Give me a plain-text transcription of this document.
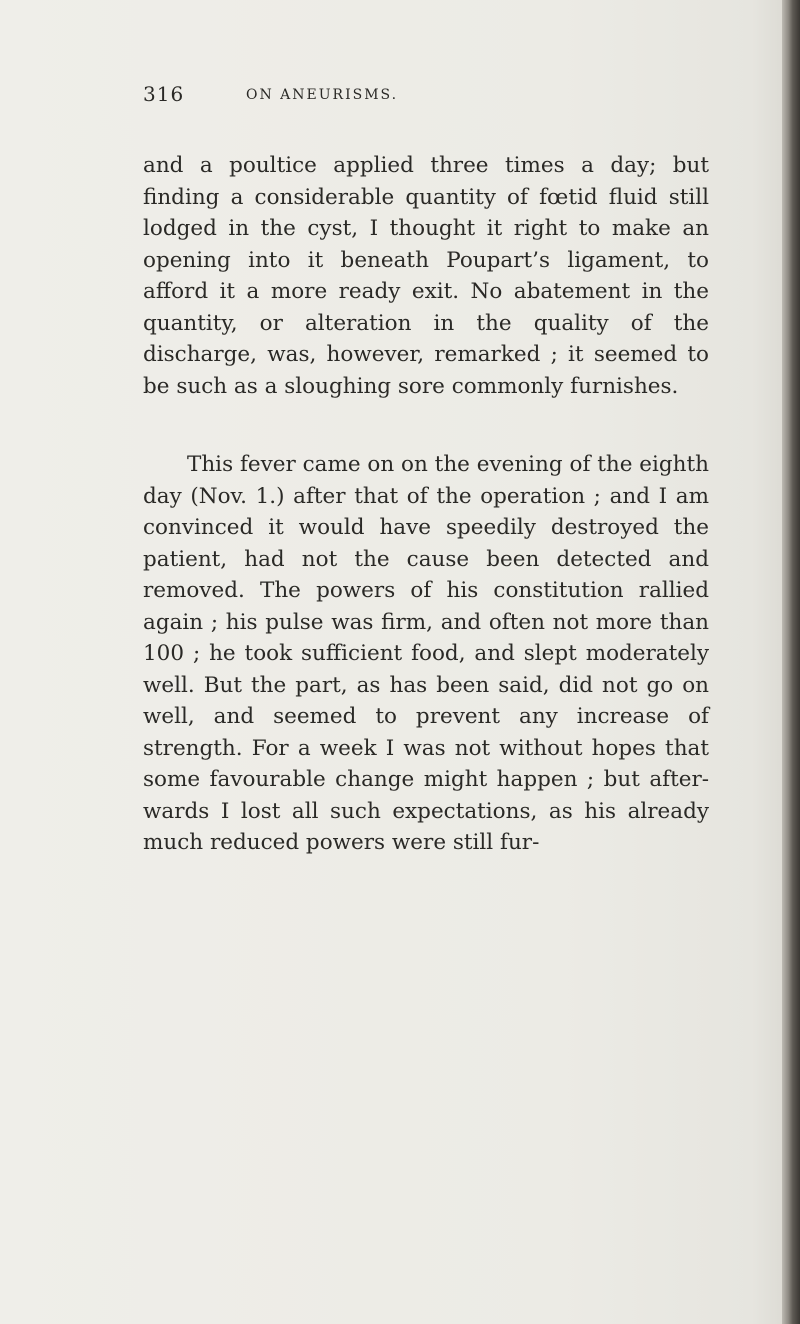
316	ON ANEURISMS.

and a poultice applied three times a day; but finding a considerable quantity of fœtid fluid still lodged in the cyst, I thought it right to make an opening into it beneath Poupart’s ligament, to afford it a more ready exit. No abatement in the quantity, or alteration in the quality of the discharge, was, however, remarked ; it seemed to be such as a sloughing sore commonly furnishes.

This fever came on on the evening of the eighth day (Nov. 1.) after that of the operation ; and I am convinced it would have speedily destroyed the patient, had not the cause been detected and removed. The powers of his constitution rallied again ; his pulse was firm, and often not more than 100 ; he took sufficient food, and slept moderately well. But the part, as has been said, did not go on well, and seemed to prevent any increase of strength. For a week I was not without hopes that some favourable change might happen ; but afterwards I lost all such expectations, as his already much reduced powers were still fur-
